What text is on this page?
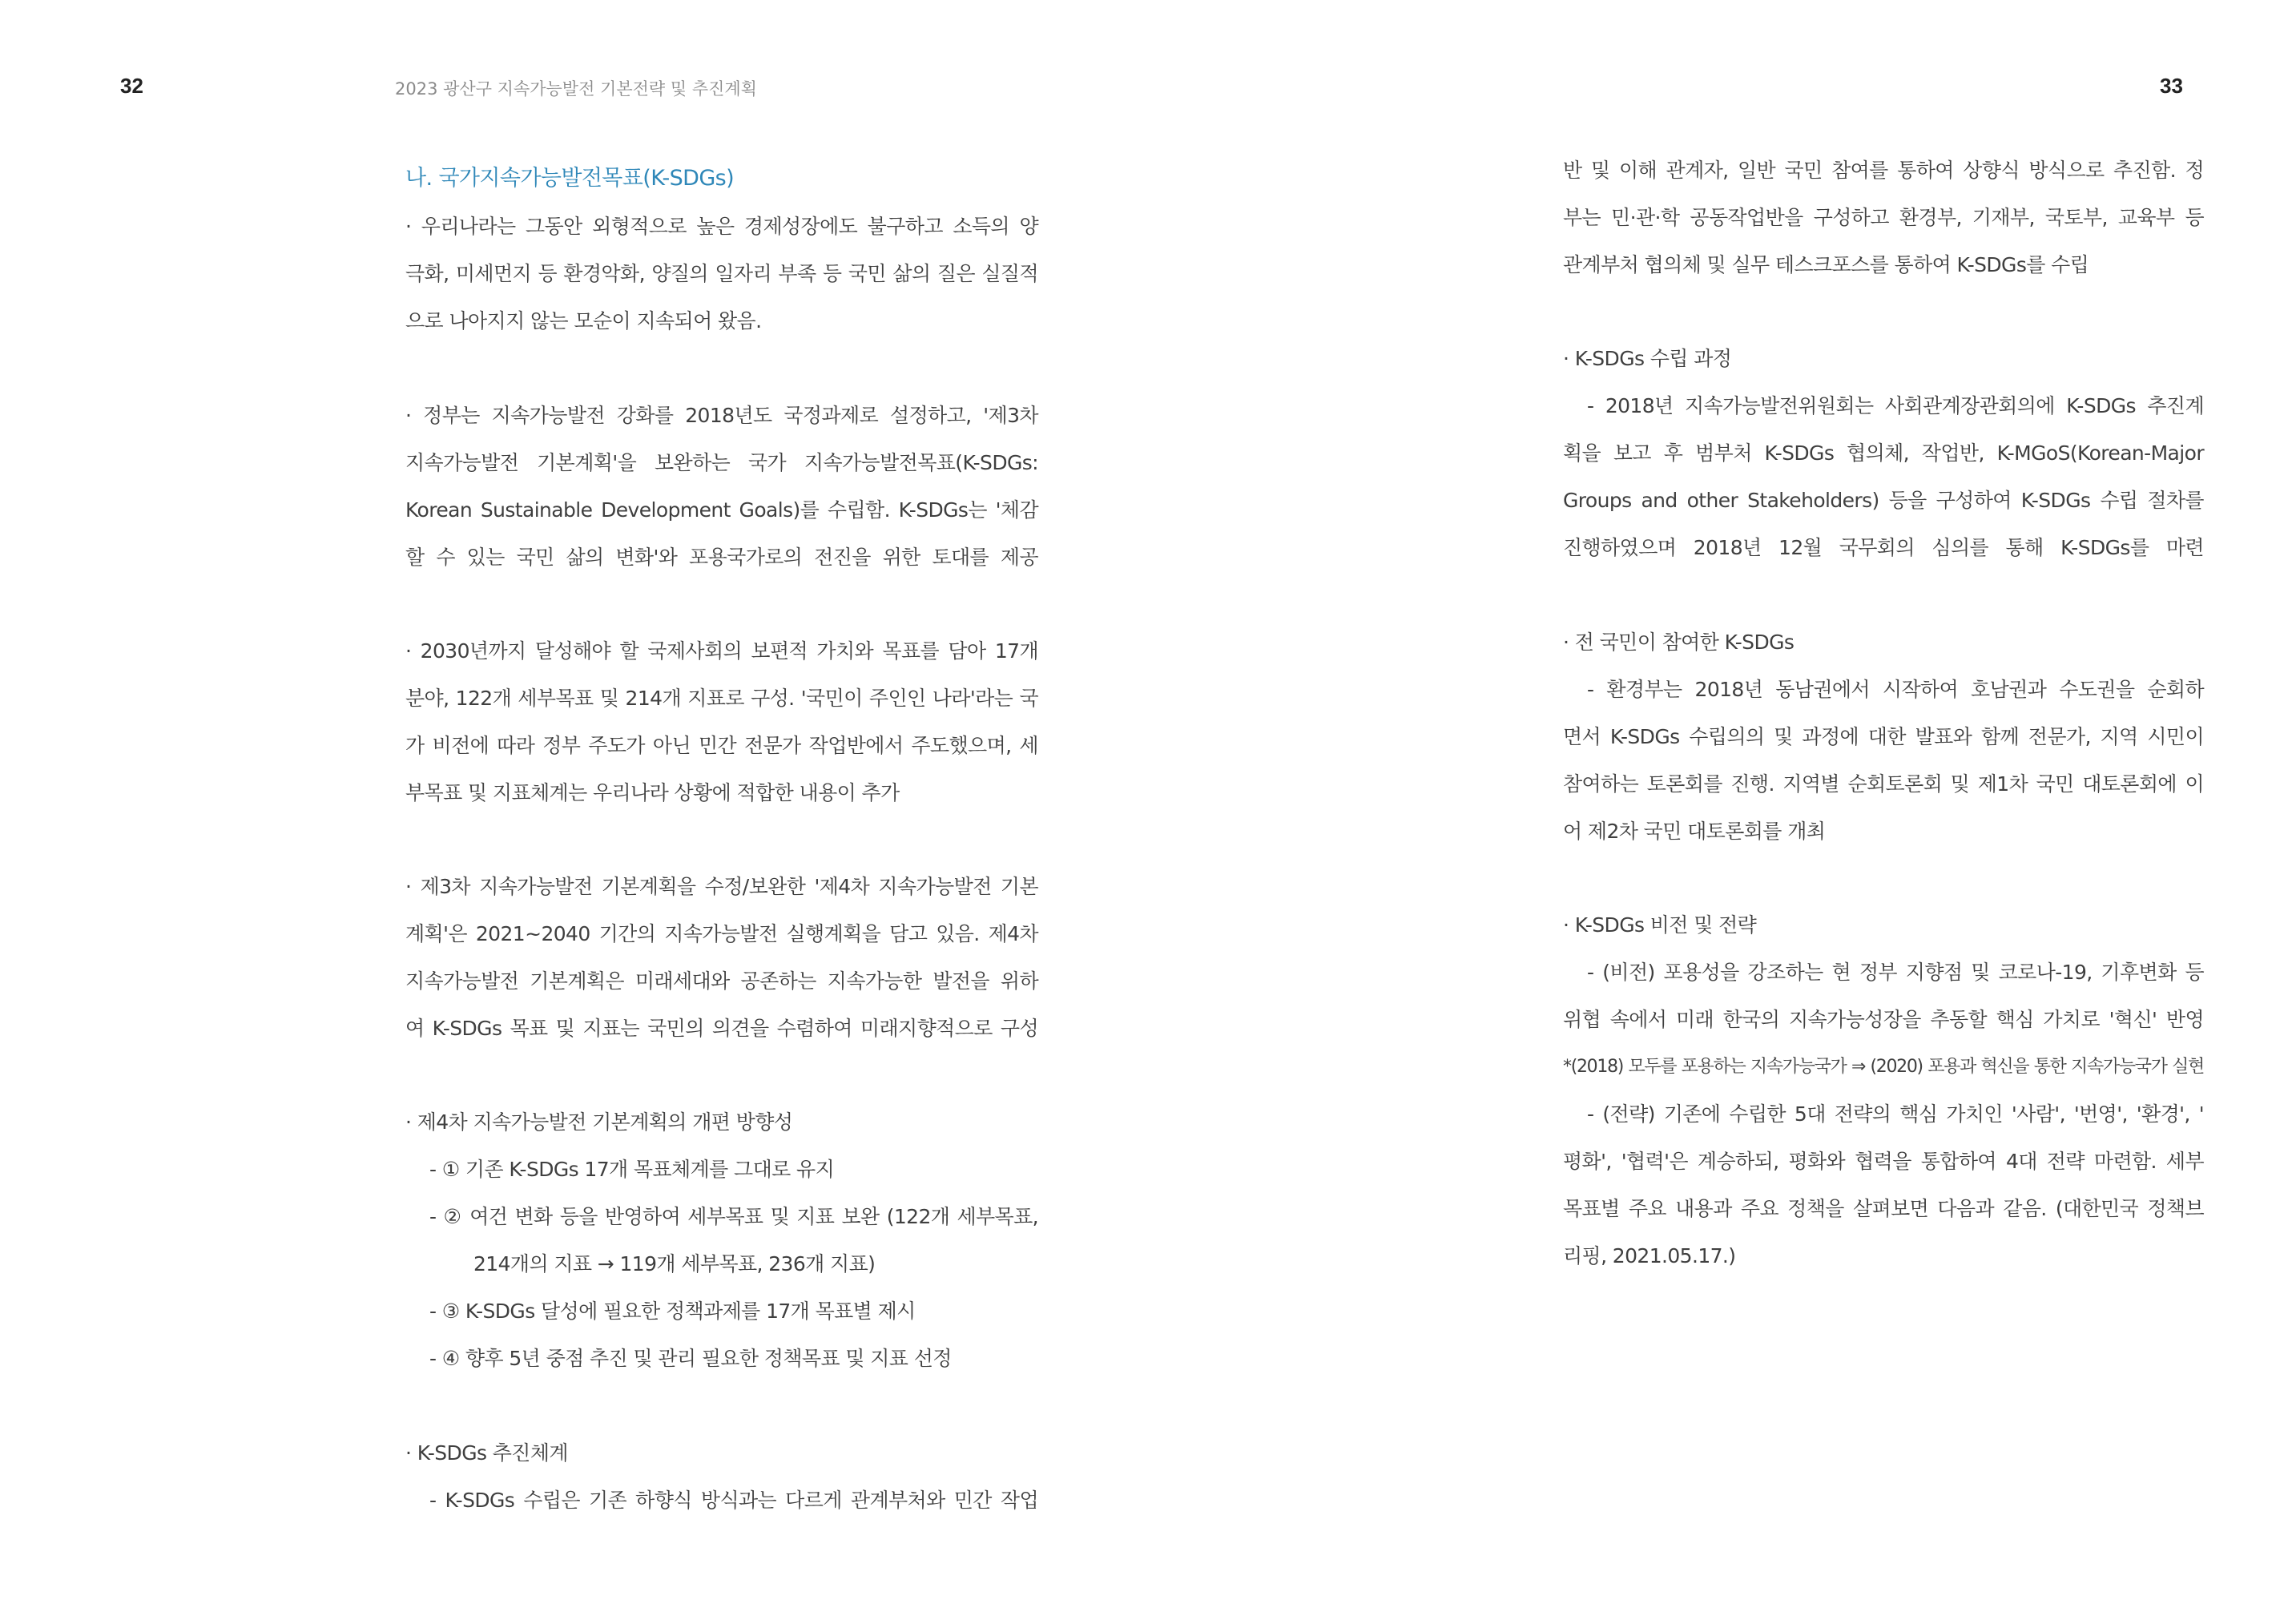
32	2023 광산구 지속가능발전 기본전략 및 추진계획	33
나. 국가지속가능발전목표(K-SDGs)
· 우리나라는 그동안 외형적으로 높은 경제성장에도 불구하고 소득의 양
극화, 미세먼지 등 환경악화, 양질의 일자리 부족 등 국민 삶의 질은 실질적
으로 나아지지 않는 모순이 지속되어 왔음.
· 정부는 지속가능발전 강화를 2018년도 국정과제로 설정하고, '제3차
지속가능발전 기본계획'을 보완하는 국가 지속가능발전목표(K-SDGs:
Korean Sustainable Development Goals)를 수립함. K-SDGs는 '체감
할 수 있는 국민 삶의 변화'와 포용국가로의 전진을 위한 토대를 제공
· 2030년까지 달성해야 할 국제사회의 보편적 가치와 목표를 담아 17개
분야, 122개 세부목표 및 214개 지표로 구성. '국민이 주인인 나라'라는 국
가 비전에 따라 정부 주도가 아닌 민간 전문가 작업반에서 주도했으며, 세
부목표 및 지표체계는 우리나라 상황에 적합한 내용이 추가
· 제3차 지속가능발전 기본계획을 수정/보완한 '제4차 지속가능발전 기본
계획'은 2021~2040 기간의 지속가능발전 실행계획을 담고 있음. 제4차
지속가능발전 기본계획은 미래세대와 공존하는 지속가능한 발전을 위하
여 K-SDGs 목표 및 지표는 국민의 의견을 수렴하여 미래지향적으로 구성
· 제4차 지속가능발전 기본계획의 개편 방향성
- ① 기존 K-SDGs 17개 목표체계를 그대로 유지
- ② 여건 변화 등을 반영하여 세부목표 및 지표 보완 (122개 세부목표,
214개의 지표 → 119개 세부목표, 236개 지표)
- ③ K-SDGs 달성에 필요한 정책과제를 17개 목표별 제시
- ④ 향후 5년 중점 추진 및 관리 필요한 정책목표 및 지표 선정
· K-SDGs 추진체계
- K-SDGs 수립은 기존 하향식 방식과는 다르게 관계부처와 민간 작업
반 및 이해 관계자, 일반 국민 참여를 통하여 상향식 방식으로 추진함. 정
부는 민·관·학 공동작업반을 구성하고 환경부, 기재부, 국토부, 교육부 등
관계부처 협의체 및 실무 테스크포스를 통하여 K-SDGs를 수립
· K-SDGs 수립 과정
- 2018년 지속가능발전위원회는 사회관계장관회의에 K-SDGs 추진계
획을 보고 후 범부처 K-SDGs 협의체, 작업반, K-MGoS(Korean-Major
Groups and other Stakeholders) 등을 구성하여 K-SDGs 수립 절차를
진행하였으며 2018년 12월 국무회의 심의를 통해 K-SDGs를 마련
· 전 국민이 참여한 K-SDGs
- 환경부는 2018년 동남권에서 시작하여 호남권과 수도권을 순회하
면서 K-SDGs 수립의의 및 과정에 대한 발표와 함께 전문가, 지역 시민이
참여하는 토론회를 진행. 지역별 순회토론회 및 제1차 국민 대토론회에 이
어 제2차 국민 대토론회를 개최
· K-SDGs 비전 및 전략
- (비전) 포용성을 강조하는 현 정부 지향점 및 코로나-19, 기후변화 등
위협 속에서 미래 한국의 지속가능성장을 추동할 핵심 가치로 '혁신' 반영
*(2018) 모두를 포용하는 지속가능국가 ⇒ (2020) 포용과 혁신을 통한 지속가능국가 실현
- (전략) 기존에 수립한 5대 전략의 핵심 가치인 '사람', '번영', '환경', '
평화', '협력'은 계승하되, 평화와 협력을 통합하여 4대 전략 마련함. 세부
목표별 주요 내용과 주요 정책을 살펴보면 다음과 같음. (대한민국 정책브
리핑, 2021.05.17.)
